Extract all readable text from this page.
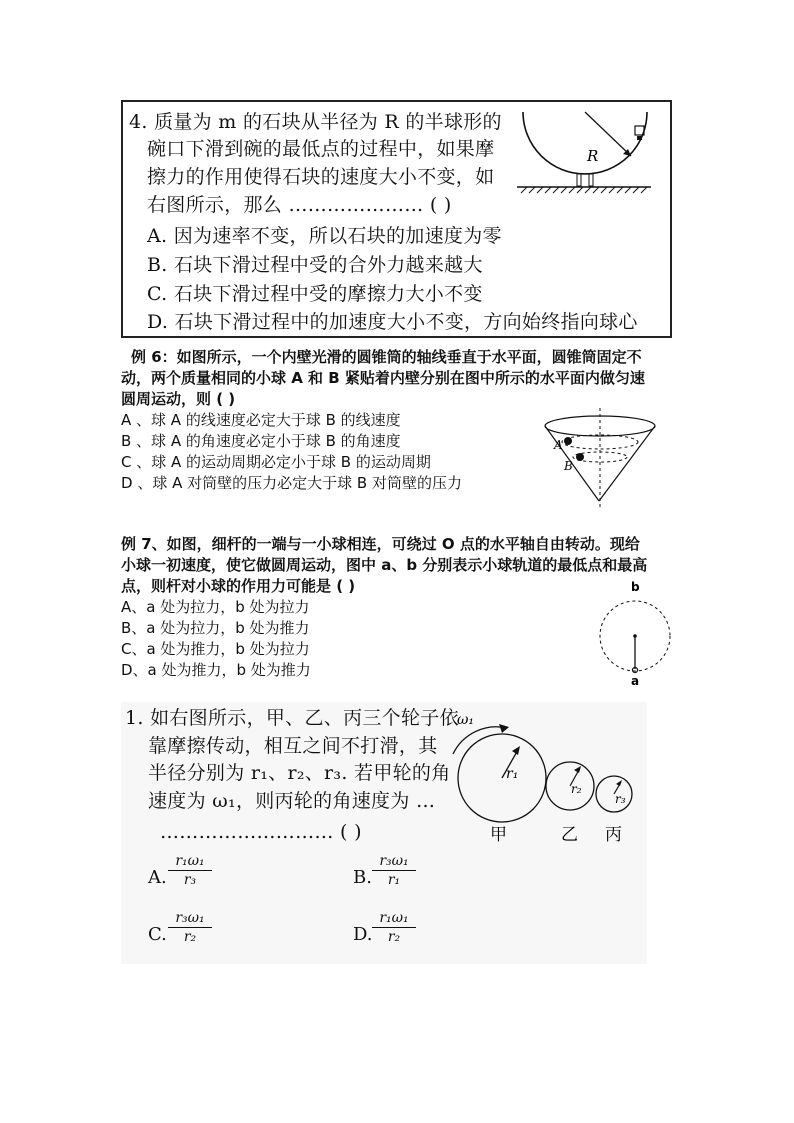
4. 质量为 m 的石块从半径为 R 的半球形的
碗口下滑到碗的最低点的过程中，如果摩
擦力的作用使得石块的速度大小不变，如
右图所示，那么 ………………… ( )
A. 因为速率不变，所以石块的加速度为零
B. 石块下滑过程中受的合外力越来越大
C. 石块下滑过程中受的摩擦力大小不变
D. 石块下滑过程中的加速度大小不变，方向始终指向球心
R
例 6：如图所示，一个内壁光滑的圆锥筒的轴线垂直于水平面，圆锥筒固定不
动，两个质量相同的小球 A 和 B 紧贴着内壁分别在图中所示的水平面内做匀速
圆周运动，则 ( )
A 、球 A 的线速度必定大于球 B 的线速度
B 、球 A 的角速度必定小于球 B 的角速度
C 、球 A 的运动周期必定小于球 B 的运动周期
D 、球 A 对筒壁的压力必定大于球 B 对筒壁的压力
A
B
例 7、如图，细杆的一端与一小球相连，可绕过 O 点的水平轴自由转动。现给
小球一初速度，使它做圆周运动，图中 a、b 分别表示小球轨道的最低点和最高
点，则杆对小球的作用力可能是 ( )
A、a 处为拉力，b 处为拉力
B、a 处为拉力，b 处为推力
C、a 处为推力，b 处为拉力
D、a 处为推力，b 处为推力
b
a
1. 如右图所示，甲、乙、丙三个轮子依
靠摩擦传动，相互之间不打滑，其
半径分别为 r₁、r₂、r₃. 若甲轮的角
速度为 ω₁，则丙轮的角速度为 …
……………………… ( )
ω₁
r₁
r₂
r₃
甲	乙 丙
A. $\frac{\text{r₁ω₁}}{\text{r₃}}$	B. $\frac{\text{r₃ω₁}}{\text{r₁}}$
C. $\frac{\text{r₃ω₁}}{\text{r₂}}$	D. $\frac{\text{r₁ω₁}}{\text{r₂}}$
